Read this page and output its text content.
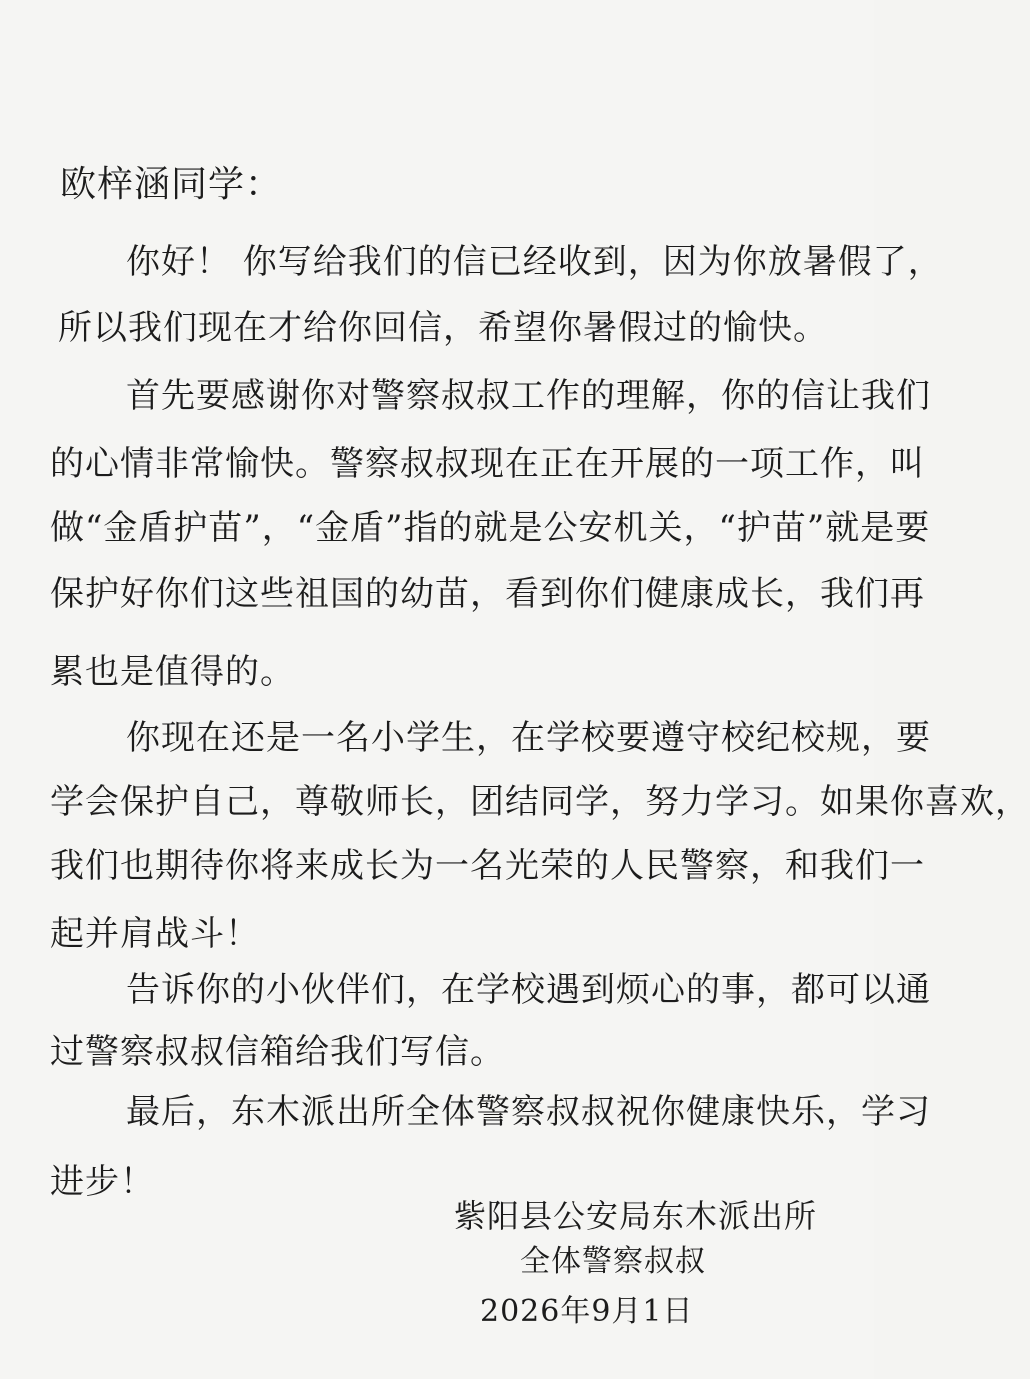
欧梓涵同学：
你好！ 你写给我们的信已经收到，因为你放暑假了，
所以我们现在才给你回信，希望你暑假过的愉快。
首先要感谢你对警察叔叔工作的理解，你的信让我们
的心情非常愉快。警察叔叔现在正在开展的一项工作，叫
做“金盾护苗”，“金盾”指的就是公安机关，“护苗”就是要
保护好你们这些祖国的幼苗，看到你们健康成长，我们再
累也是值得的。
你现在还是一名小学生，在学校要遵守校纪校规，要
学会保护自己，尊敬师长，团结同学，努力学习。如果你喜欢，
我们也期待你将来成长为一名光荣的人民警察，和我们一
起并肩战斗！
告诉你的小伙伴们，在学校遇到烦心的事，都可以通
过警察叔叔信箱给我们写信。
最后，东木派出所全体警察叔叔祝你健康快乐，学习
进步！
紫阳县公安局东木派出所
全体警察叔叔
2026年9月1日
